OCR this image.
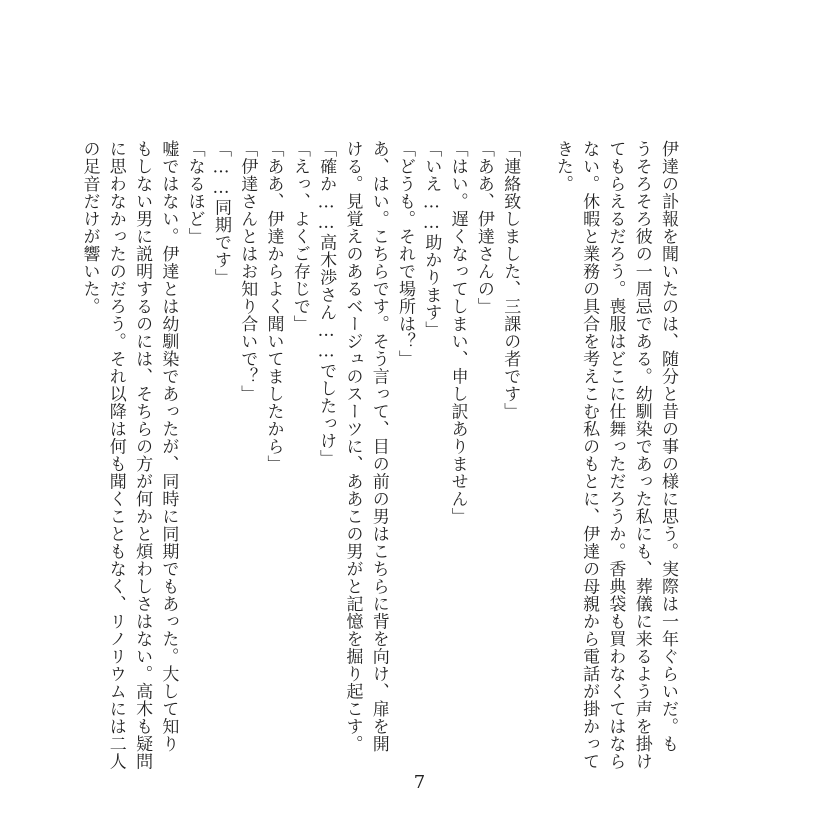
伊達の訃報を聞いたのは、随分と昔の事の様に思う。実際は一年ぐらいだ。も

うそろそろ彼の一周忌である。幼馴染であった私にも、葬儀に来るよう声を掛け

てもらえるだろう。喪服はどこに仕舞っただろうか。香典袋も買わなくてはなら

ない。休暇と業務の具合を考えこむ私のもとに、伊達の母親から電話が掛かって

きた。

「連絡致しました、三課の者です」

「ああ、伊達さんの」

「はい。遅くなってしまい、申し訳ありません」

「いえ……助かります」

「どうも。それで場所は？」

あ、はい。こちらです。そう言って、目の前の男はこちらに背を向け、扉を開

ける。見覚えのあるベージュのスーツに、ああこの男がと記憶を掘り起こす。

「確か……高木渉さん……でしたっけ」

「えっ、よくご存じで」

「ああ、伊達からよく聞いてましたから」

「伊達さんとはお知り合いで？」

「……同期です」

「なるほど」

嘘ではない。伊達とは幼馴染であったが、同時に同期でもあった。大して知り

もしない男に説明するのには、そちらの方が何かと煩わしさはない。高木も疑問

に思わなかったのだろう。それ以降は何も聞くこともなく、リノリウムには二人

の足音だけが響いた。

7
